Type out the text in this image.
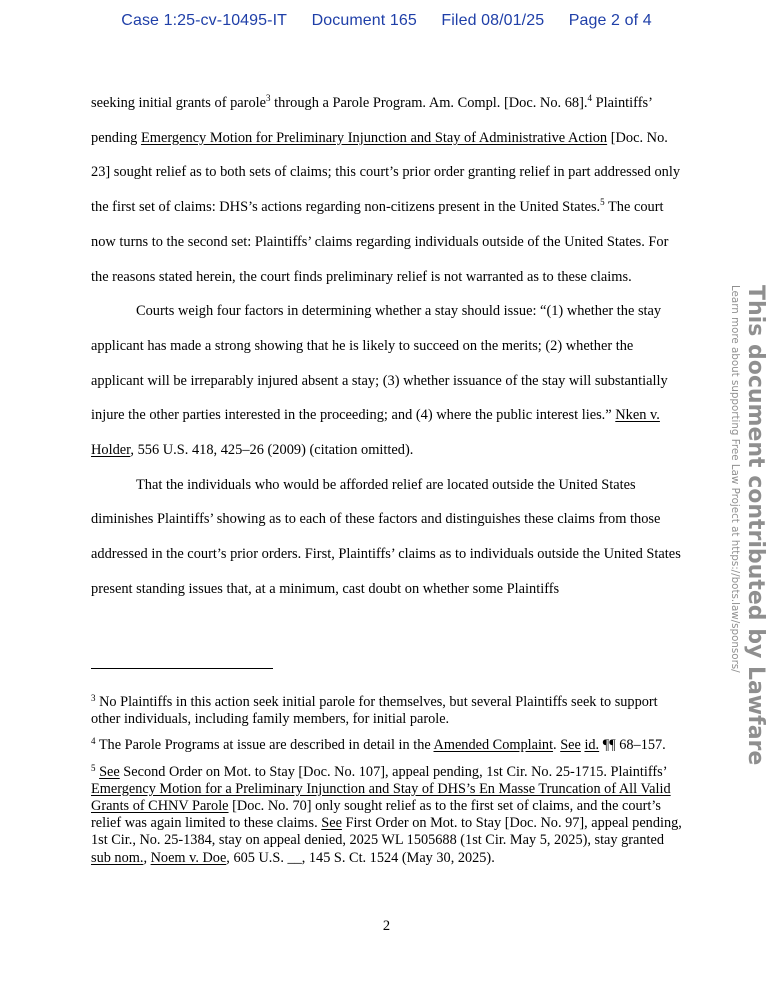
Case 1:25-cv-10495-IT Document 165 Filed 08/01/25 Page 2 of 4

seeking initial grants of parole$^3$ through a Parole Program. Am. Compl. [Doc. No. 68].$^4$ Plaintiffs’ pending Emergency Motion for Preliminary Injunction and Stay of Administrative Action [Doc. No. 23] sought relief as to both sets of claims; this court’s prior order granting relief in part addressed only the first set of claims: DHS’s actions regarding non-citizens present in the United States.$^5$ The court now turns to the second set: Plaintiffs’ claims regarding individuals outside of the United States. For the reasons stated herein, the court finds preliminary relief is not warranted as to these claims.

Courts weigh four factors in determining whether a stay should issue: “(1) whether the stay applicant has made a strong showing that he is likely to succeed on the merits; (2) whether the applicant will be irreparably injured absent a stay; (3) whether issuance of the stay will substantially injure the other parties interested in the proceeding; and (4) where the public interest lies.” Nken v. Holder, 556 U.S. 418, 425–26 (2009) (citation omitted).

That the individuals who would be afforded relief are located outside the United States diminishes Plaintiffs’ showing as to each of these factors and distinguishes these claims from those addressed in the court’s prior orders. First, Plaintiffs’ claims as to individuals outside the United States present standing issues that, at a minimum, cast doubt on whether some Plaintiffs

$^3$ No Plaintiffs in this action seek initial parole for themselves, but several Plaintiffs seek to support other individuals, including family members, for initial parole.

$^4$ The Parole Programs at issue are described in detail in the Amended Complaint. See id. ¶¶ 68–157.

$^5$ See Second Order on Mot. to Stay [Doc. No. 107], appeal pending, 1st Cir. No. 25-1715. Plaintiffs’ Emergency Motion for a Preliminary Injunction and Stay of DHS’s En Masse Truncation of All Valid Grants of CHNV Parole [Doc. No. 70] only sought relief as to the first set of claims, and the court’s relief was again limited to these claims. See First Order on Mot. to Stay [Doc. No. 97], appeal pending, 1st Cir., No. 25-1384, stay on appeal denied, 2025 WL 1505688 (1st Cir. May 5, 2025), stay granted sub nom., Noem v. Doe, 605 U.S. __, 145 S. Ct. 1524 (May 30, 2025).

2
This document contributed by Lawfare
Learn more about supporting Free Law Project at https://bots.law/sponsors/
